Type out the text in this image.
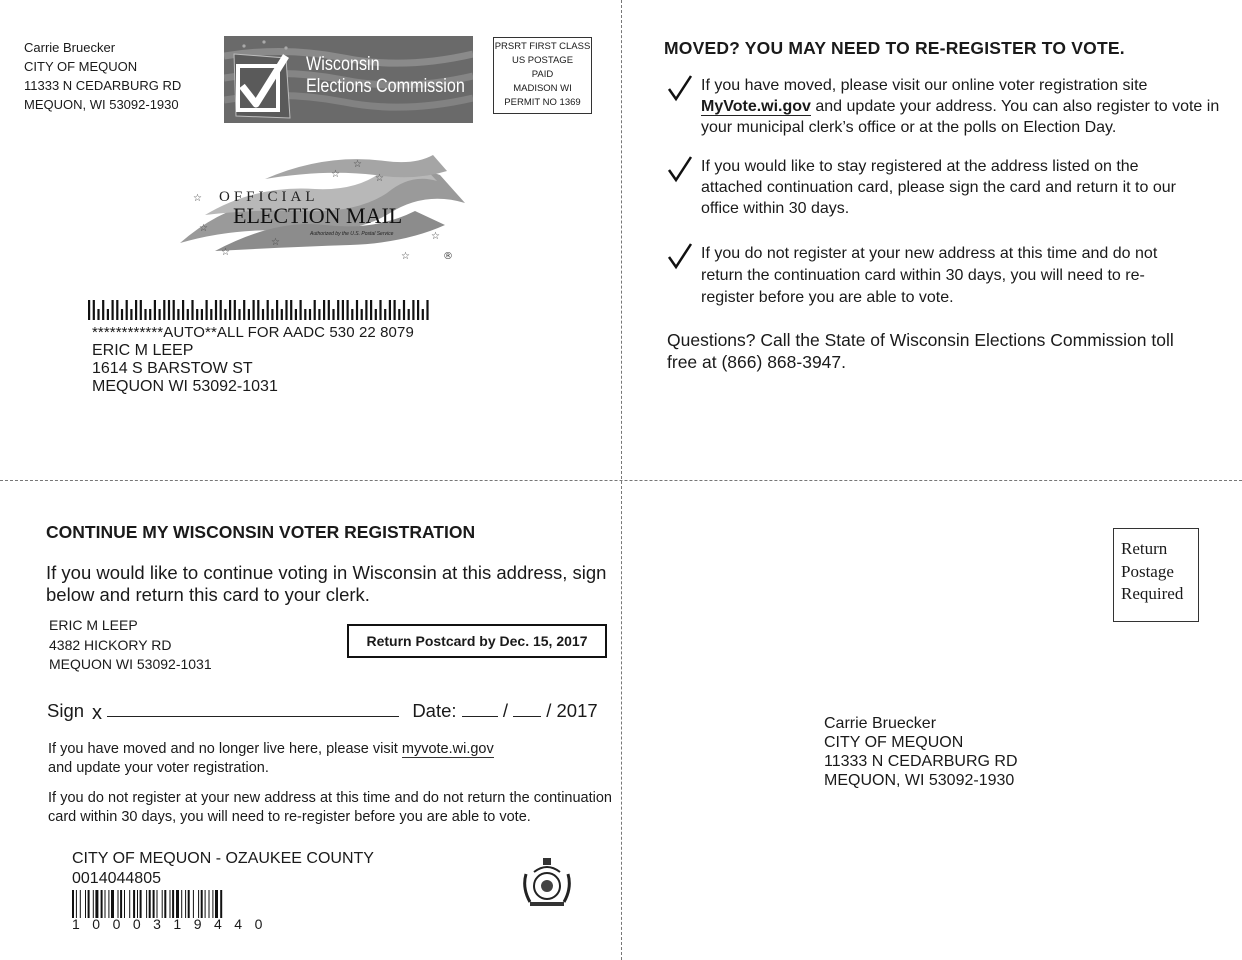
Carrie Bruecker
CITY OF MEQUON
11333 N CEDARBURG RD
MEQUON, WI 53092-1930
Wisconsin
Elections Commission
PRSRT FIRST CLASS
US POSTAGE
PAID
MADISON WI
PERMIT NO 1369
OFFICIAL
ELECTION MAIL
Authorized by the U.S. Postal Service
☆
☆
☆
☆
☆
☆
☆
☆
☆
®
************AUTO**ALL FOR AADC 530 22 8079
ERIC M LEEP
1614 S BARSTOW ST
MEQUON WI 53092-1031
MOVED? YOU MAY NEED TO RE-REGISTER TO VOTE.
If you have moved, please visit our online voter registration site
MyVote.wi.gov and update your address. You can also register to vote in your municipal clerk’s office or at the polls on Election Day.
If you would like to stay registered at the address listed on the attached continuation card, please sign the card and return it to our office within 30 days.
If you do not register at your new address at this time and do not return the continuation card within 30 days, you will need to re-register before you are able to vote.
Questions? Call the State of Wisconsin Elections Commission toll free at (866) 868-3947.
CONTINUE MY WISCONSIN VOTER REGISTRATION
If you would like to continue voting in Wisconsin at this address, sign below and return this card to your clerk.
ERIC M LEEP
4382 HICKORY RD
MEQUON WI 53092-1031
Return Postcard by Dec. 15, 2017
Sign x	Date:	/ / 2017
If you have moved and no longer live here, please visit myvote.wi.gov
and update your voter registration.
If you do not register at your new address at this time and do not return the continuation card within 30 days, you will need to re-register before you are able to vote.
CITY OF MEQUON - OZAUKEE COUNTY
0014044805
1000319440
Return
Postage
Required
Carrie Bruecker
CITY OF MEQUON
11333 N CEDARBURG RD
MEQUON, WI 53092-1930
